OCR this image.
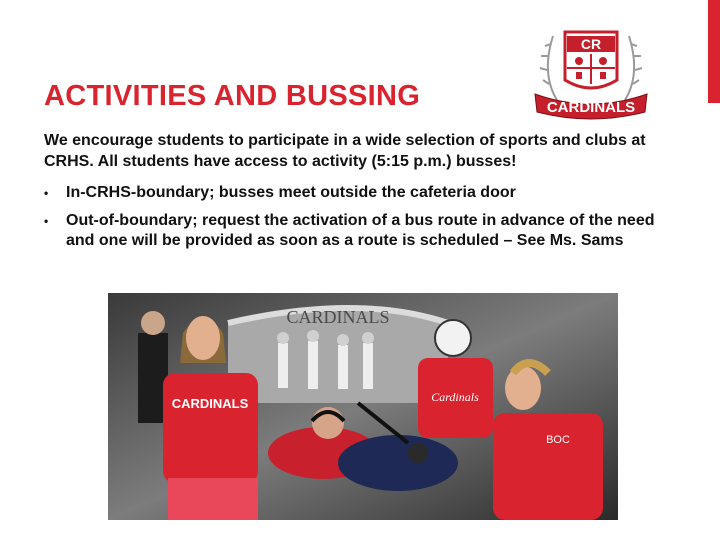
ACTIVITIES AND BUSSING
CR
CARDINALS

We encourage students to participate in a wide selection of sports and clubs at CRHS. All students have access to activity (5:15 p.m.) busses!

• In-CRHS-boundary; busses meet outside the cafeteria door
• Out-of-boundary; request the activation of a bus route in advance of the need and one will be provided as soon as a route is scheduled – See Ms. Sams
CARDINALS
CARDINALS	Cardinals
BOC
